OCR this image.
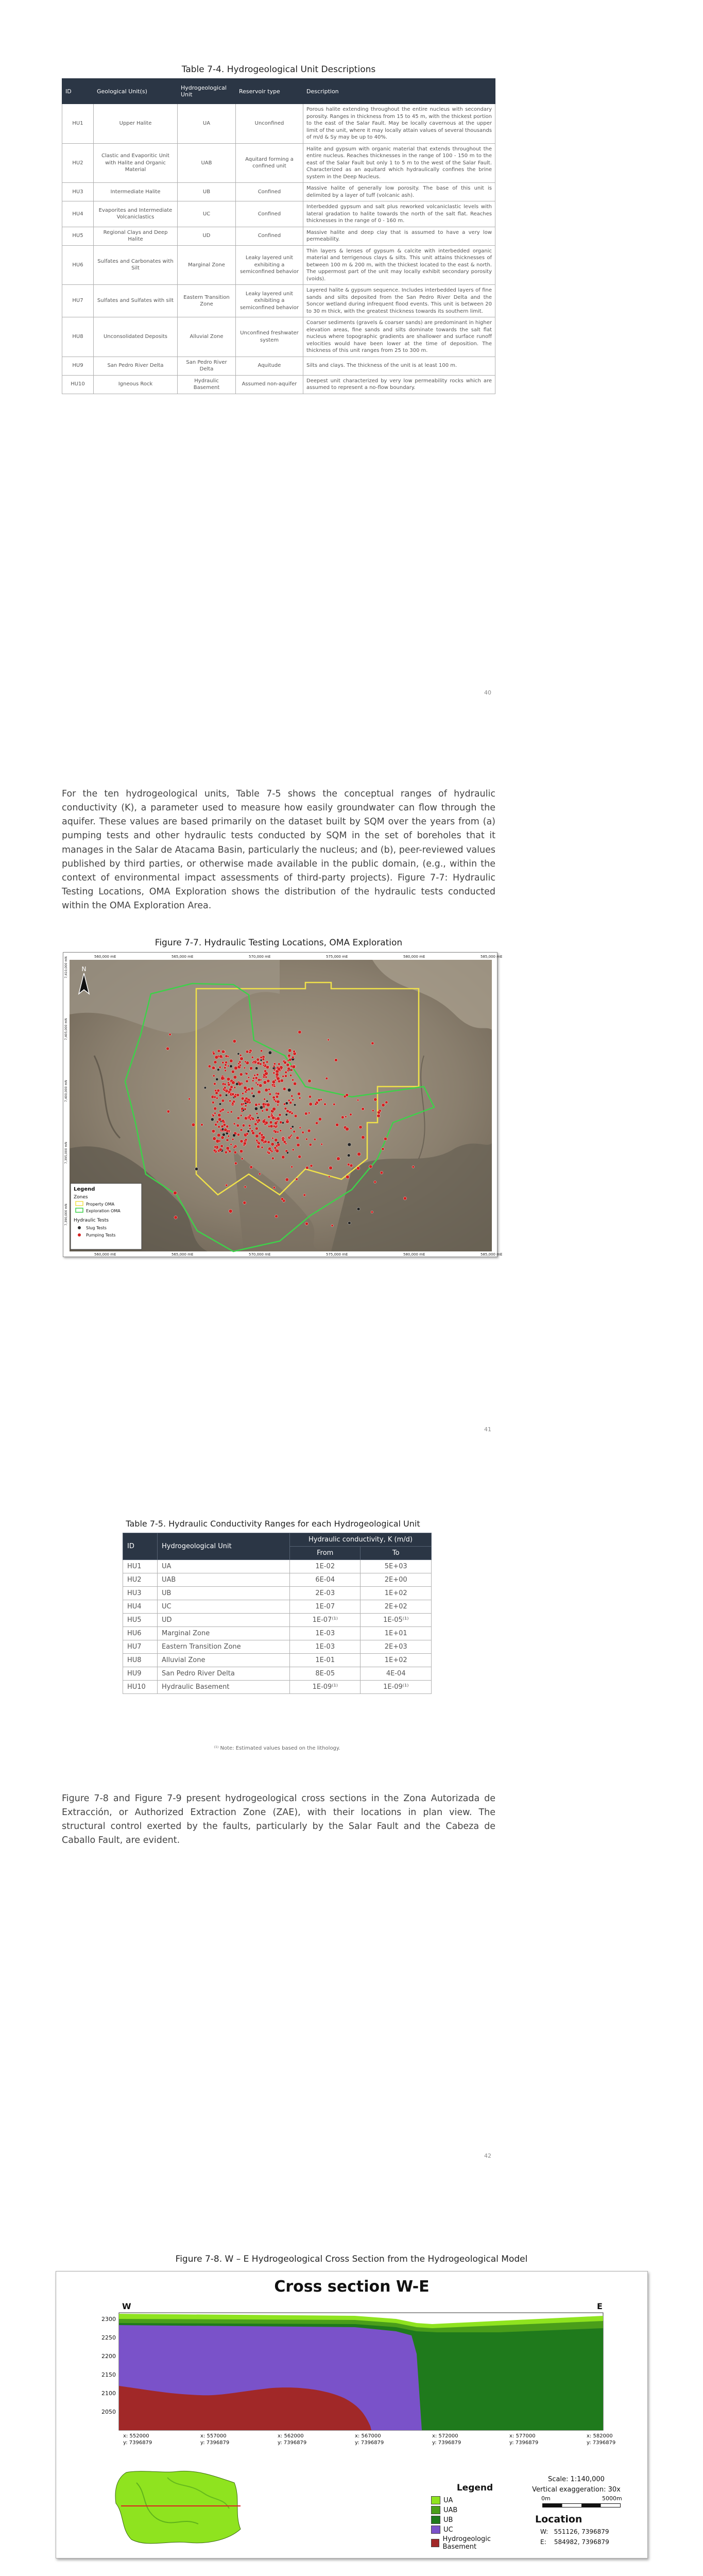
Table 7-4. Hydrogeological Unit Descriptions
ID	Geological Unit(s)	Hydrogeological Unit	Reservoir type	Description
HU1	Upper Halite	UA	Unconfined	Porous halite extending throughout the entire nucleus with secondary porosity. Ranges in thickness from 15 to 45 m, with the thickest portion to the east of the Salar Fault. May be locally cavernous at the upper limit of the unit, where it may locally attain values of several thousands of m/d & Sy may be up to 40%.
HU2	Clastic and Evaporitic Unit with Halite and Organic Material	UAB	Aquitard forming a confined unit	Halite and gypsum with organic material that extends throughout the entire nucleus. Reaches thicknesses in the range of 100 - 150 m to the east of the Salar Fault but only 1 to 5 m to the west of the Salar Fault. Characterized as an aquitard which hydraulically confines the brine system in the Deep Nucleus.
HU3	Intermediate Halite	UB	Confined	Massive halite of generally low porosity. The base of this unit is delimited by a layer of tuff (volcanic ash).
HU4	Evaporites and Intermediate Volcaniclastics	UC	Confined	Interbedded gypsum and salt plus reworked volcaniclastic levels with lateral gradation to halite towards the north of the salt flat. Reaches thicknesses in the range of 0 - 160 m.
HU5	Regional Clays and Deep Halite	UD	Confined	Massive halite and deep clay that is assumed to have a very low permeability.
HU6	Sulfates and Carbonates with Silt	Marginal Zone	Leaky layered unit exhibiting a semiconfined behavior	Thin layers & lenses of gypsum & calcite with interbedded organic material and terrigenous clays & silts. This unit attains thicknesses of between 100 m & 200 m, with the thickest located to the east & north. The uppermost part of the unit may locally exhibit secondary porosity (voids).
HU7	Sulfates and Sulfates with silt	Eastern Transition Zone	Leaky layered unit exhibiting a semiconfined behavior	Layered halite & gypsum sequence. Includes interbedded layers of fine sands and silts deposited from the San Pedro River Delta and the Soncor wetland during infrequent flood events. This unit is between 20 to 30 m thick, with the greatest thickness towards its southern limit.
HU8	Unconsolidated Deposits	Alluvial Zone	Unconfined freshwater system	Coarser sediments (gravels & coarser sands) are predominant in higher elevation areas, fine sands and silts dominate towards the salt flat nucleus where topographic gradients are shallower and surface runoff velocities would have been lower at the time of deposition. The thickness of this unit ranges from 25 to 300 m.
HU9	San Pedro River Delta	San Pedro River Delta	Aquitude	Silts and clays. The thickness of the unit is at least 100 m.
HU10	Igneous Rock	Hydraulic Basement	Assumed non-aquifer	Deepest unit characterized by very low permeability rocks which are assumed to represent a no-flow boundary.
40
For the ten hydrogeological units, Table 7-5 shows the conceptual ranges of hydraulic conductivity (K), a parameter used to measure how easily groundwater can flow through the aquifer. These values are based primarily on the dataset built by SQM over the years from (a) pumping tests and other hydraulic tests conducted by SQM in the set of boreholes that it manages in the Salar de Atacama Basin, particularly the nucleus; and (b), peer-reviewed values published by third parties, or otherwise made available in the public domain, (e.g., within the context of environmental impact assessments of third-party projects). Figure 7-7: Hydraulic Testing Locations, OMA Exploration shows the distribution of the hydraulic tests conducted within the OMA Exploration Area.
Figure 7-7. Hydraulic Testing Locations, OMA Exploration
N
560,000 mE
560,000 mE
565,000 mE
565,000 mE
570,000 mE
570,000 mE
575,000 mE
575,000 mE
580,000 mE
580,000 mE
585,000 mE
585,000 mE
7,410,000 mN
7,405,000 mN
7,400,000 mN
7,395,000 mN
7,390,000 mN
Legend
Zones
Property OMA
Exploration OMA
Hydraulic Tests
Slug Tests
Pumping Tests
41
Table 7-5. Hydraulic Conductivity Ranges for each Hydrogeological Unit
ID	Hydrogeological Unit	Hydraulic conductivity, K (m/d)	
		From	To
HU1	UA	1E-02	5E+03
HU2	UAB	6E-04	2E+00
HU3	UB	2E-03	1E+02
HU4	UC	1E-07	2E+02
HU5	UD	1E-07⁽¹⁾	1E-05⁽¹⁾
HU6	Marginal Zone	1E-03	1E+01
HU7	Eastern Transition Zone	1E-03	2E+03
HU8	Alluvial Zone	1E-01	1E+02
HU9	San Pedro River Delta	8E-05	4E-04
HU10	Hydraulic Basement	1E-09⁽¹⁾	1E-09⁽¹⁾
⁽¹⁾ Note: Estimated values based on the lithology.
Figure 7-8 and Figure 7-9 present hydrogeological cross sections in the Zona Autorizada de Extracción, or Authorized Extraction Zone (ZAE), with their locations in plan view. The structural control exerted by the faults, particularly by the Salar Fault and the Cabeza de Caballo Fault, are evident.
42
Figure 7-8. W – E Hydrogeological Cross Section from the Hydrogeological Model
Cross section W-E
W	E
2300
2250
2200
2150
2100
2050
x: 552000
y: 7396879
x: 557000
y: 7396879
x: 562000
y: 7396879
x: 567000
y: 7396879
x: 572000
y: 7396879
x: 577000
y: 7396879
x: 582000
y: 7396879
Legend
UA
UAB
UB
UC
Hydrogeologic Basement
Scale: 1:140,000
Vertical exaggeration: 30x
0m	5000m
Location
W:   551126, 7396879
E:    584982, 7396879
